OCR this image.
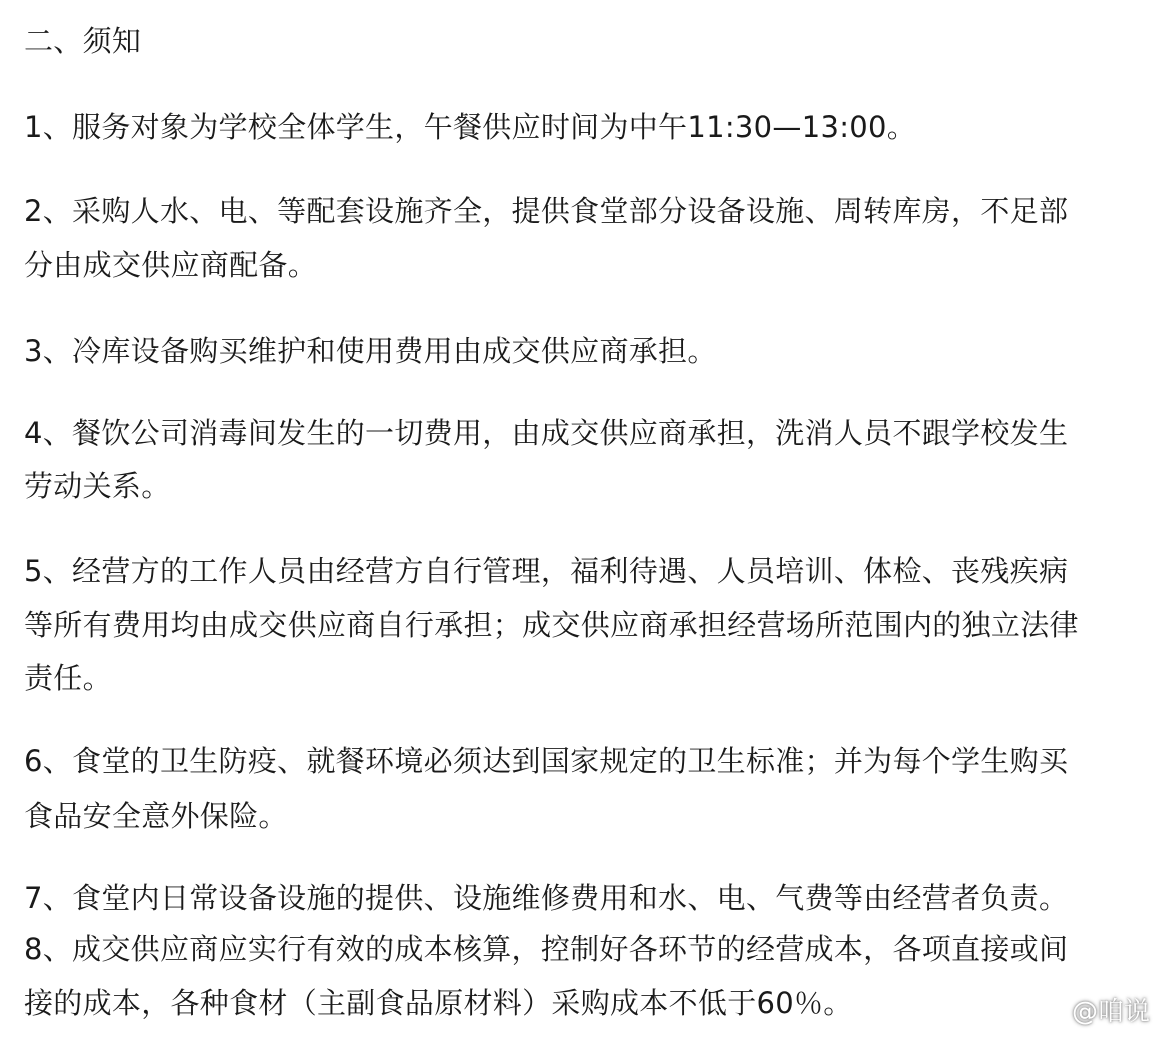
二、须知
1、服务对象为学校全体学生，午餐供应时间为中午11:30—13:00。
2、采购人水、电、等配套设施齐全，提供食堂部分设备设施、周转库房，不足部
分由成交供应商配备。
3、冷库设备购买维护和使用费用由成交供应商承担。
4、餐饮公司消毒间发生的一切费用，由成交供应商承担，洗消人员不跟学校发生
劳动关系。
5、经营方的工作人员由经营方自行管理，福利待遇、人员培训、体检、丧残疾病
等所有费用均由成交供应商自行承担；成交供应商承担经营场所范围内的独立法律
责任。
6、食堂的卫生防疫、就餐环境必须达到国家规定的卫生标准；并为每个学生购买
食品安全意外保险。
7、食堂内日常设备设施的提供、设施维修费用和水、电、气费等由经营者负责。
8、成交供应商应实行有效的成本核算，控制好各环节的经营成本，各项直接或间
接的成本，各种食材（主副食品原材料）采购成本不低于60％。	@咱说
